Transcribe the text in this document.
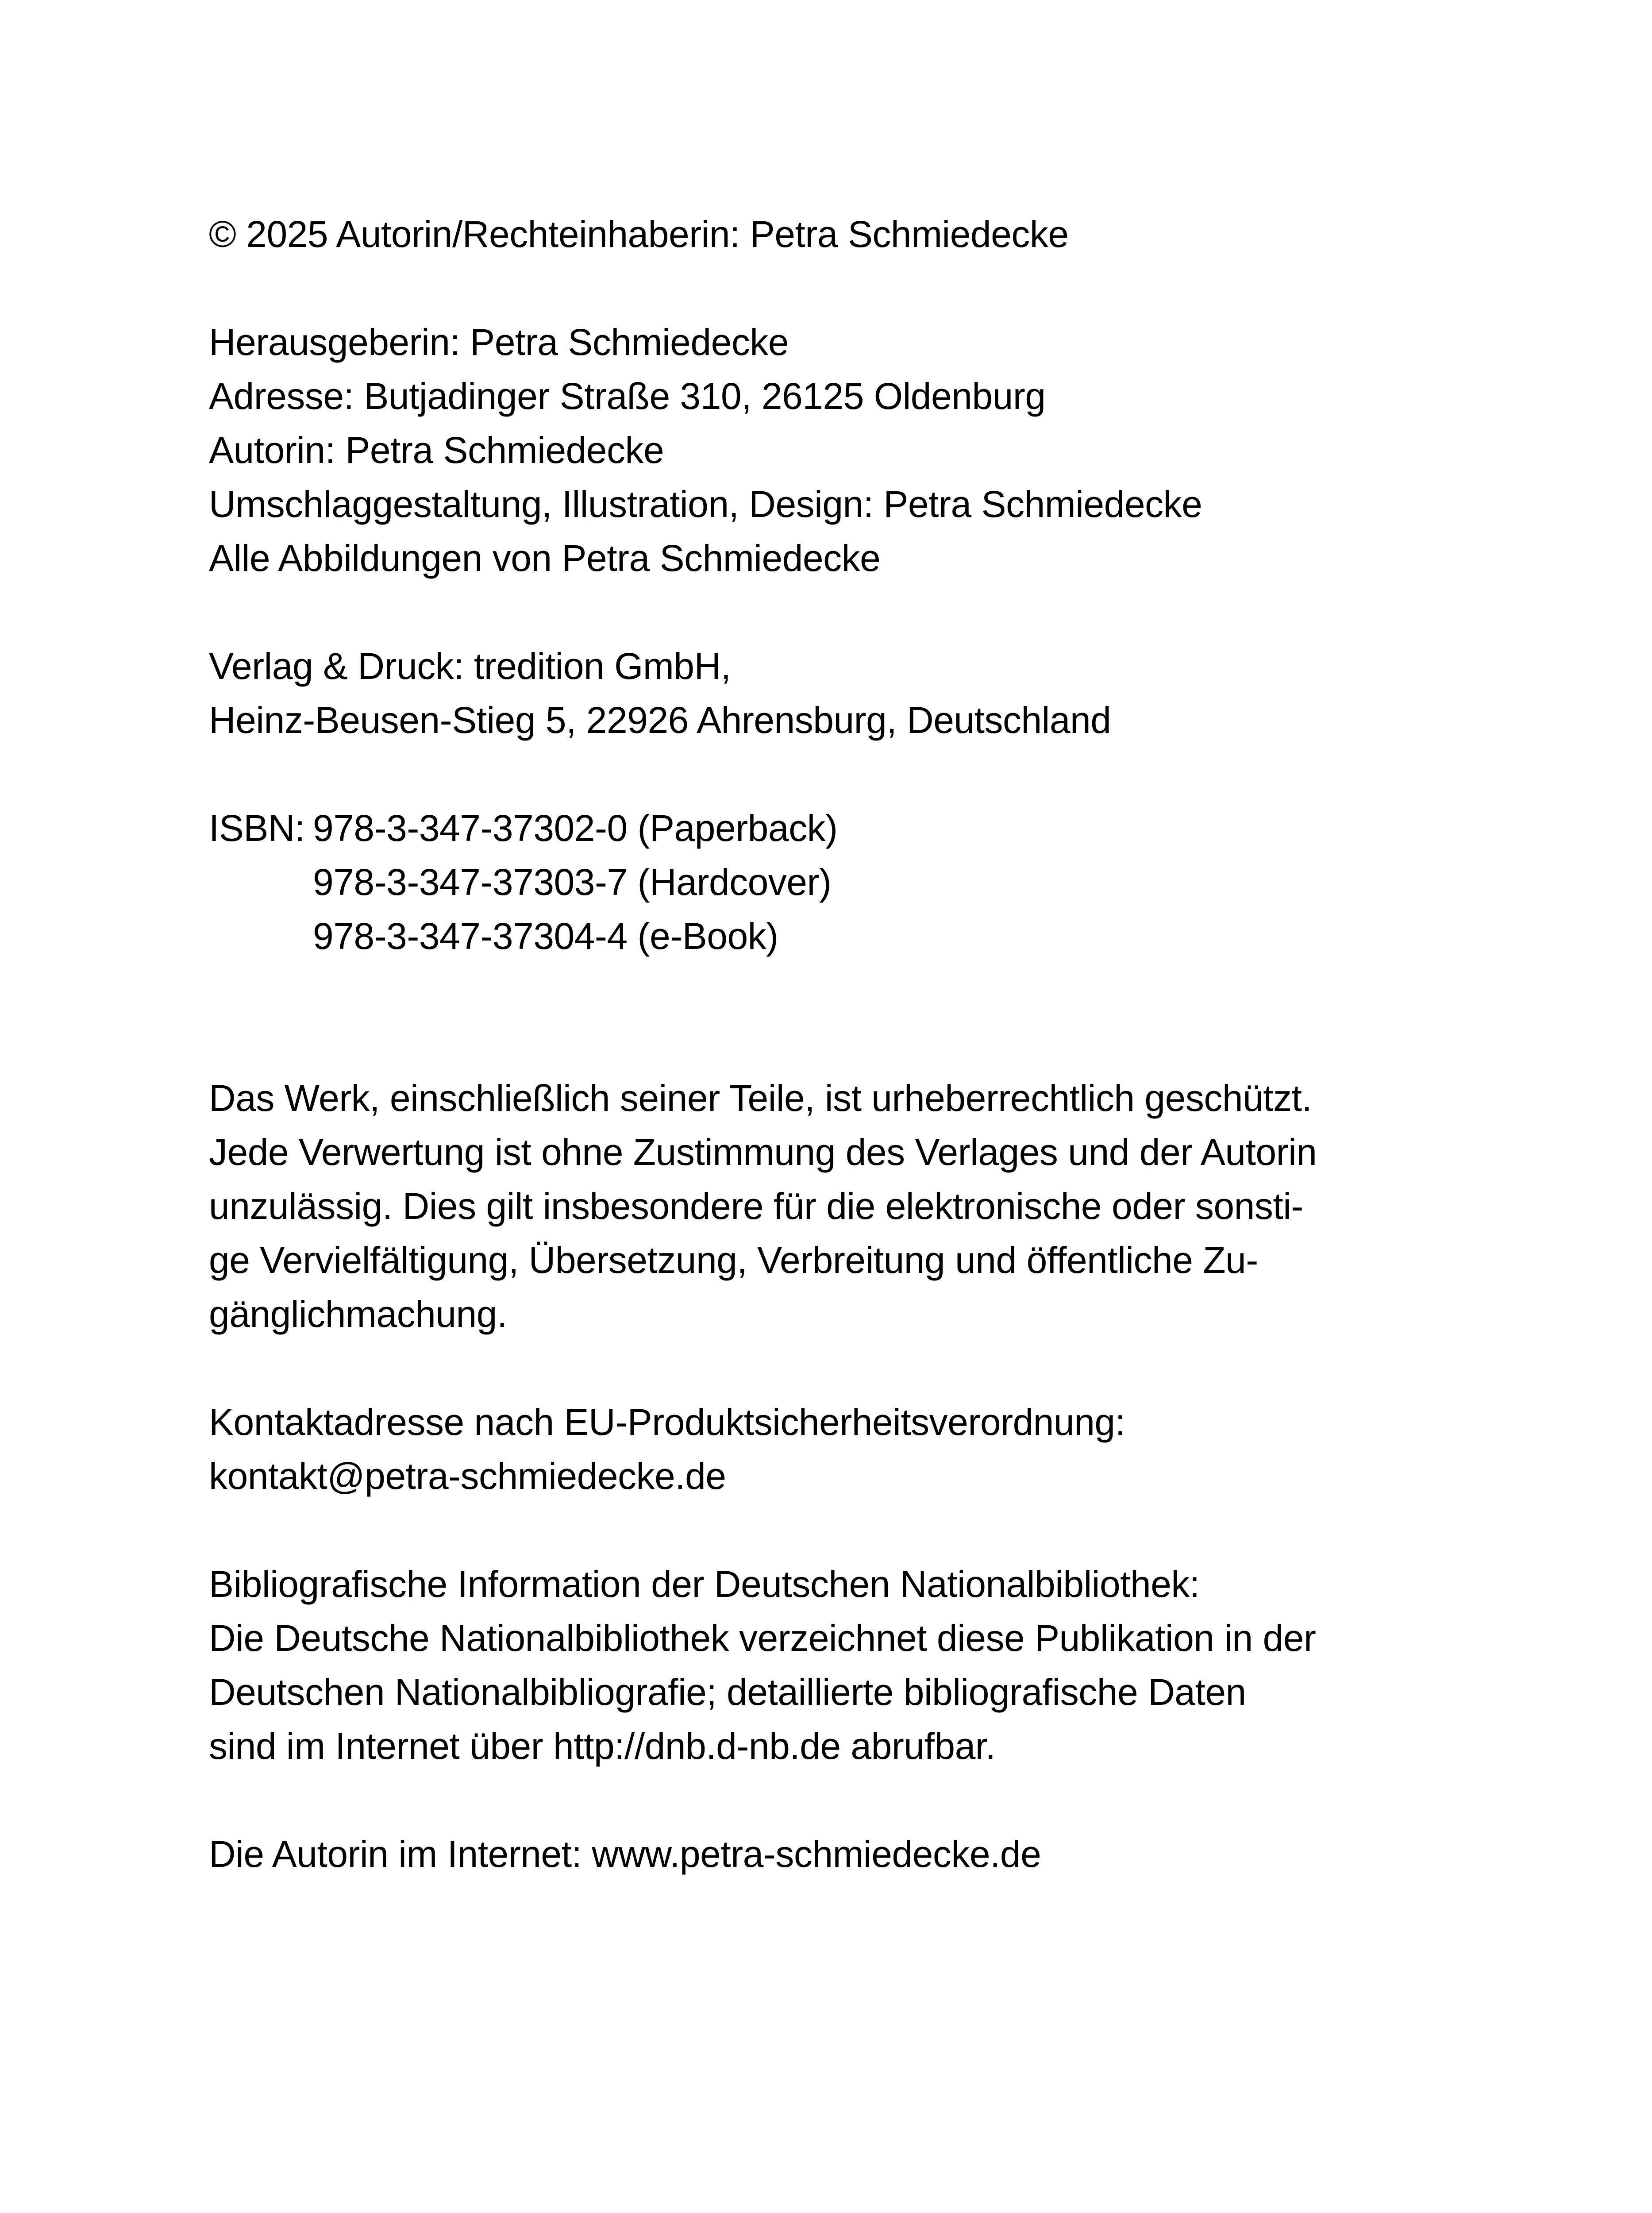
© 2025 Autorin/Rechteinhaberin: Petra Schmiedecke
Herausgeberin: Petra Schmiedecke
Adresse: Butjadinger Straße 310, 26125 Oldenburg
Autorin: Petra Schmiedecke
Umschlaggestaltung, Illustration, Design: Petra Schmiedecke
Alle Abbildungen von Petra Schmiedecke
Verlag & Druck: tredition GmbH,
Heinz-Beusen-Stieg 5, 22926 Ahrensburg, Deutschland
ISBN: 978-3-347-37302-0 (Paperback)
978-3-347-37303-7 (Hardcover)
978-3-347-37304-4 (e-Book)
Das Werk, einschließlich seiner Teile, ist urheberrechtlich geschützt.
Jede Verwertung ist ohne Zustimmung des Verlages und der Autorin
unzulässig. Dies gilt insbesondere für die elektronische oder sonsti-
ge Vervielfältigung, Übersetzung, Verbreitung und öffentliche Zu-
gänglichmachung.
Kontaktadresse nach EU-Produktsicherheitsverordnung:
kontakt@petra-schmiedecke.de
Bibliografische Information der Deutschen Nationalbibliothek:
Die Deutsche Nationalbibliothek verzeichnet diese Publikation in der
Deutschen Nationalbibliografie; detaillierte bibliografische Daten
sind im Internet über http://dnb.d-nb.de abrufbar.
Die Autorin im Internet: www.petra-schmiedecke.de
